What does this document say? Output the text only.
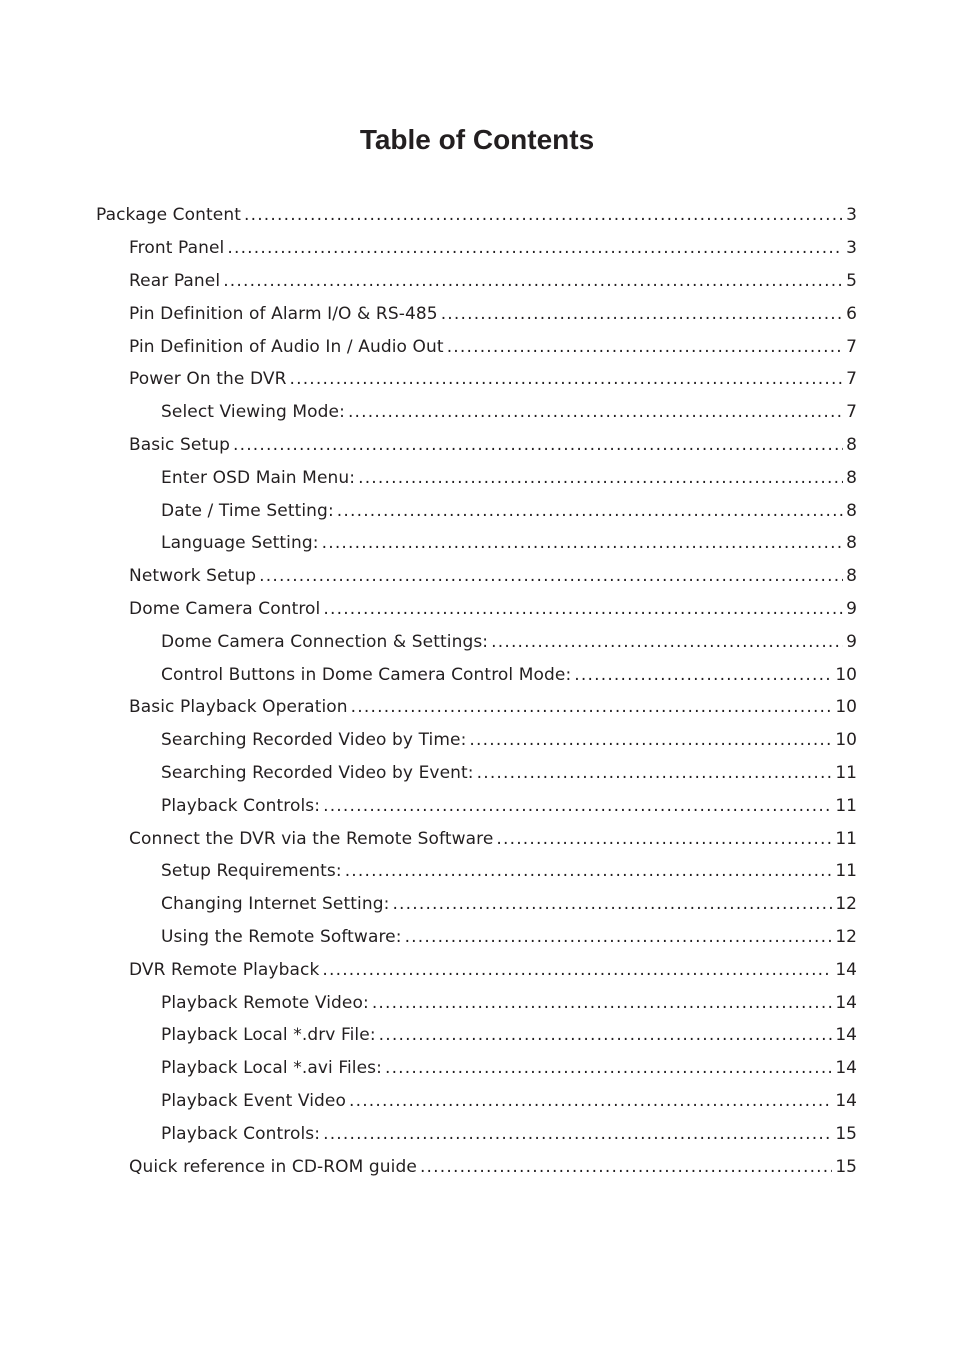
Table of Contents
Package Content .....	3
Front Panel .....	3
Rear Panel .....	5
Pin Definition of Alarm I/O & RS-485 .....	6
Pin Definition of Audio In / Audio Out .....	7
Power On the DVR .....	7
Select Viewing Mode: .....	7
Basic Setup .....	8
Enter OSD Main Menu: .....	8
Date / Time Setting: .....	8
Language Setting: .....	8
Network Setup .....	8
Dome Camera Control .....	9
Dome Camera Connection & Settings: .....	9
Control Buttons in Dome Camera Control Mode: .....	10
Basic Playback Operation .....	10
Searching Recorded Video by Time: .....	10
Searching Recorded Video by Event: .....	11
Playback Controls: .....	11
Connect the DVR via the Remote Software .....	11
Setup Requirements: .....	11
Changing Internet Setting: .....	12
Using the Remote Software: .....	12
DVR Remote Playback .....	14
Playback Remote Video: .....	14
Playback Local *.drv File: .....	14
Playback Local *.avi Files: .....	14
Playback Event Video .....	14
Playback Controls: .....	15
Quick reference in CD-ROM guide .....	15
